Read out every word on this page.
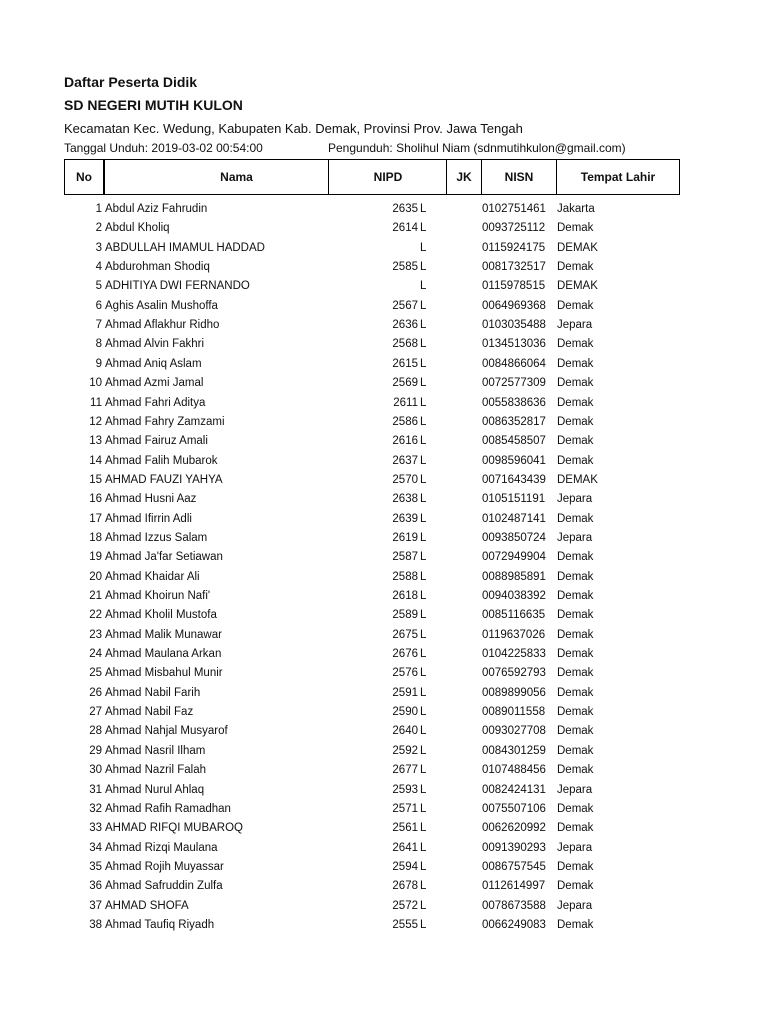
Daftar Peserta Didik
SD NEGERI MUTIH KULON
Kecamatan Kec. Wedung, Kabupaten Kab. Demak, Provinsi Prov. Jawa Tengah
Tanggal Unduh: 2019-03-02 00:54:00	Pengunduh: Sholihul Niam (sdnmutihkulon@gmail.com)
No	Nama	NIPD	JK	NISN	Tempat Lahir
1 Abdul Aziz Fahrudin	2635 L	0102751461 Jakarta
2 Abdul Kholiq	2614 L	0093725112 Demak
3 ABDULLAH IMAMUL HADDAD	L	0115924175 DEMAK
4 Abdurohman Shodiq	2585 L	0081732517 Demak
5 ADHITIYA DWI FERNANDO	L	0115978515 DEMAK
6 Aghis Asalin Mushoffa	2567 L	0064969368 Demak
7 Ahmad Aflakhur Ridho	2636 L	0103035488 Jepara
8 Ahmad Alvin Fakhri	2568 L	0134513036 Demak
9 Ahmad Aniq Aslam	2615 L	0084866064 Demak
10 Ahmad Azmi Jamal	2569 L	0072577309 Demak
11 Ahmad Fahri Aditya	2611 L	0055838636 Demak
12 Ahmad Fahry Zamzami	2586 L	0086352817 Demak
13 Ahmad Fairuz Amali	2616 L	0085458507 Demak
14 Ahmad Falih Mubarok	2637 L	0098596041 Demak
15 AHMAD FAUZI YAHYA	2570 L	0071643439 DEMAK
16 Ahmad Husni Aaz	2638 L	0105151191 Jepara
17 Ahmad Ifirrin Adli	2639 L	0102487141 Demak
18 Ahmad Izzus Salam	2619 L	0093850724 Jepara
19 Ahmad Ja'far Setiawan	2587 L	0072949904 Demak
20 Ahmad Khaidar Ali	2588 L	0088985891 Demak
21 Ahmad Khoirun Nafi'	2618 L	0094038392 Demak
22 Ahmad Kholil Mustofa	2589 L	0085116635 Demak
23 Ahmad Malik Munawar	2675 L	0119637026 Demak
24 Ahmad Maulana Arkan	2676 L	0104225833 Demak
25 Ahmad Misbahul Munir	2576 L	0076592793 Demak
26 Ahmad Nabil Farih	2591 L	0089899056 Demak
27 Ahmad Nabil Faz	2590 L	0089011558 Demak
28 Ahmad Nahjal Musyarof	2640 L	0093027708 Demak
29 Ahmad Nasril Ilham	2592 L	0084301259 Demak
30 Ahmad Nazril Falah	2677 L	0107488456 Demak
31 Ahmad Nurul Ahlaq	2593 L	0082424131 Jepara
32 Ahmad Rafih Ramadhan	2571 L	0075507106 Demak
33 AHMAD RIFQI MUBAROQ	2561 L	0062620992 Demak
34 Ahmad Rizqi Maulana	2641 L	0091390293 Jepara
35 Ahmad Rojih Muyassar	2594 L	0086757545 Demak
36 Ahmad Safruddin Zulfa	2678 L	0112614997 Demak
37 AHMAD SHOFA	2572 L	0078673588 Jepara
38 Ahmad Taufiq Riyadh	2555 L	0066249083 Demak
